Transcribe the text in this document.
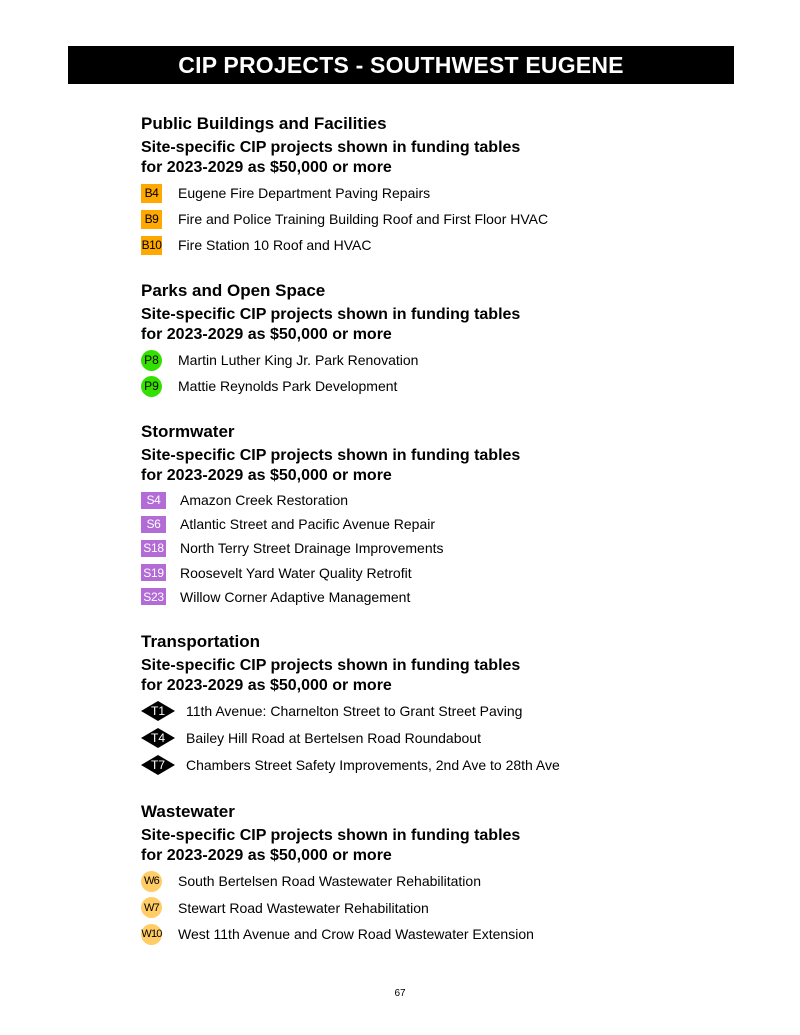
CIP PROJECTS - SOUTHWEST EUGENE
Public Buildings and Facilities
Site-specific CIP projects shown in funding tables for 2023-2029 as $50,000 or more
B4 Eugene Fire Department Paving Repairs
B9 Fire and Police Training Building Roof and First Floor HVAC
B10 Fire Station 10 Roof and HVAC
Parks and Open Space
Site-specific CIP projects shown in funding tables for 2023-2029 as $50,000 or more
P8 Martin Luther King Jr. Park Renovation
P9 Mattie Reynolds Park Development
Stormwater
Site-specific CIP projects shown in funding tables for 2023-2029 as $50,000 or more
S4	Amazon Creek Restoration
S6	Atlantic Street and Pacific Avenue Repair
S18 North Terry Street Drainage Improvements
S19 Roosevelt Yard Water Quality Retrofit
S23 Willow Corner Adaptive Management
Transportation
Site-specific CIP projects shown in funding tables for 2023-2029 as $50,000 or more
T1 11th Avenue: Charnelton Street to Grant Street Paving
T4 Bailey Hill Road at Bertelsen Road Roundabout
T7 Chambers Street Safety Improvements, 2nd Ave to 28th Ave
Wastewater
Site-specific CIP projects shown in funding tables for 2023-2029 as $50,000 or more
W6 South Bertelsen Road Wastewater Rehabilitation
W7 Stewart Road Wastewater Rehabilitation
W10 West 11th Avenue and Crow Road Wastewater Extension
67
